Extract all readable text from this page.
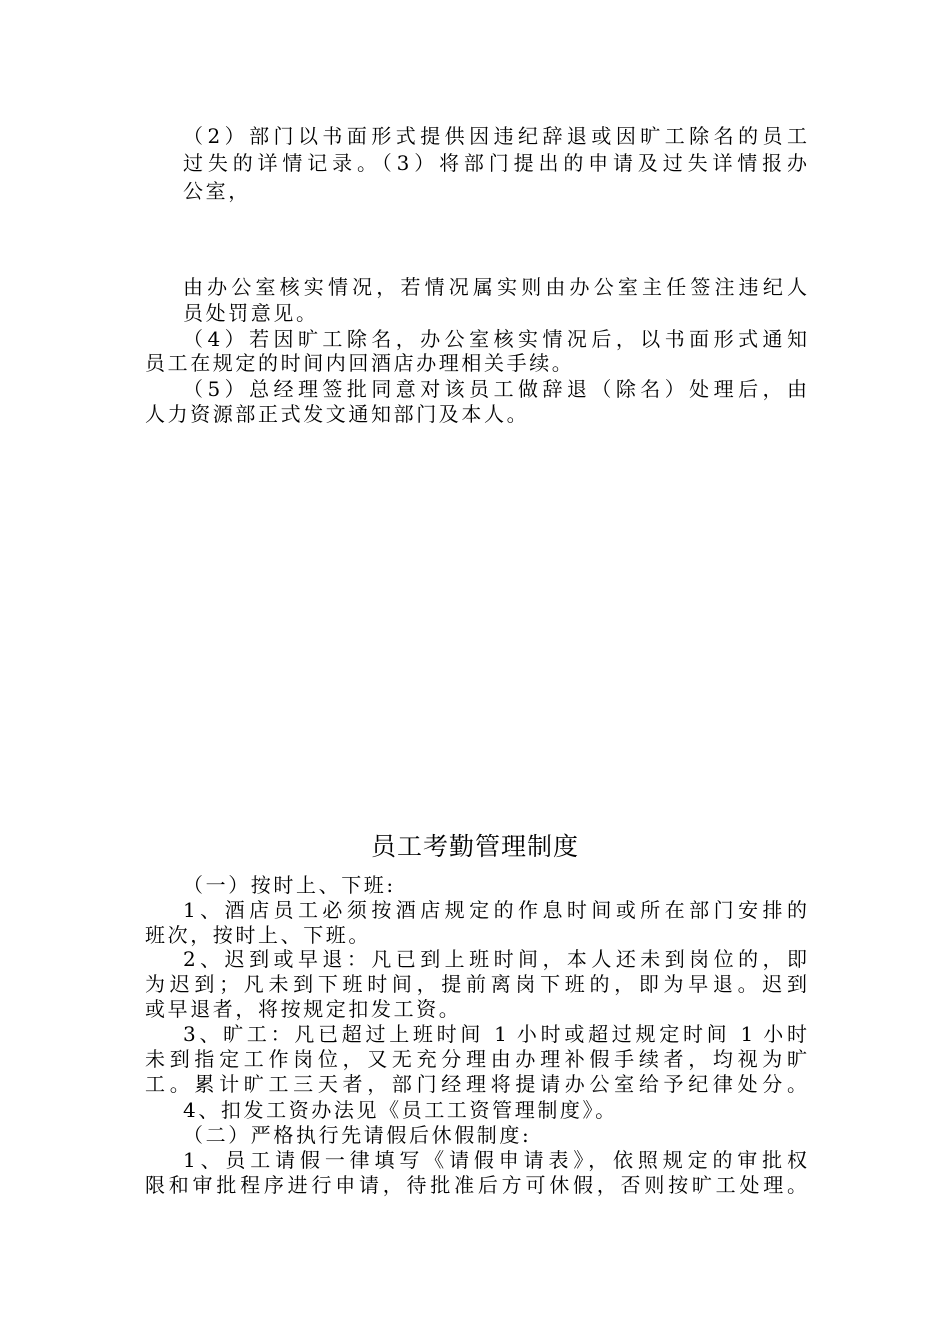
（2）部门以书面形式提供因违纪辞退或因旷工除名的员工
过失的详情记录。（3）将部门提出的申请及过失详情报办
公室，
由办公室核实情况，若情况属实则由办公室主任签注违纪人
员处罚意见。
（4）若因旷工除名，办公室核实情况后，以书面形式通知
员工在规定的时间内回酒店办理相关手续。
（5）总经理签批同意对该员工做辞退（除名）处理后，由
人力资源部正式发文通知部门及本人。
员工考勤管理制度
（一）按时上、下班:
1、酒店员工必须按酒店规定的作息时间或所在部门安排的
班次，按时上、下班。
2、迟到或早退：凡已到上班时间，本人还未到岗位的，即
为迟到；凡未到下班时间，提前离岗下班的，即为早退。迟到
或早退者，将按规定扣发工资。
3、旷工：凡已超过上班时间 1 小时或超过规定时间 1 小时
未到指定工作岗位，又无充分理由办理补假手续者，均视为旷
工。累计旷工三天者，部门经理将提请办公室给予纪律处分。
4、扣发工资办法见《员工工资管理制度》。
（二）严格执行先请假后休假制度:
1、员工请假一律填写《请假申请表》，依照规定的审批权
限和审批程序进行申请，待批准后方可休假，否则按旷工处理。
